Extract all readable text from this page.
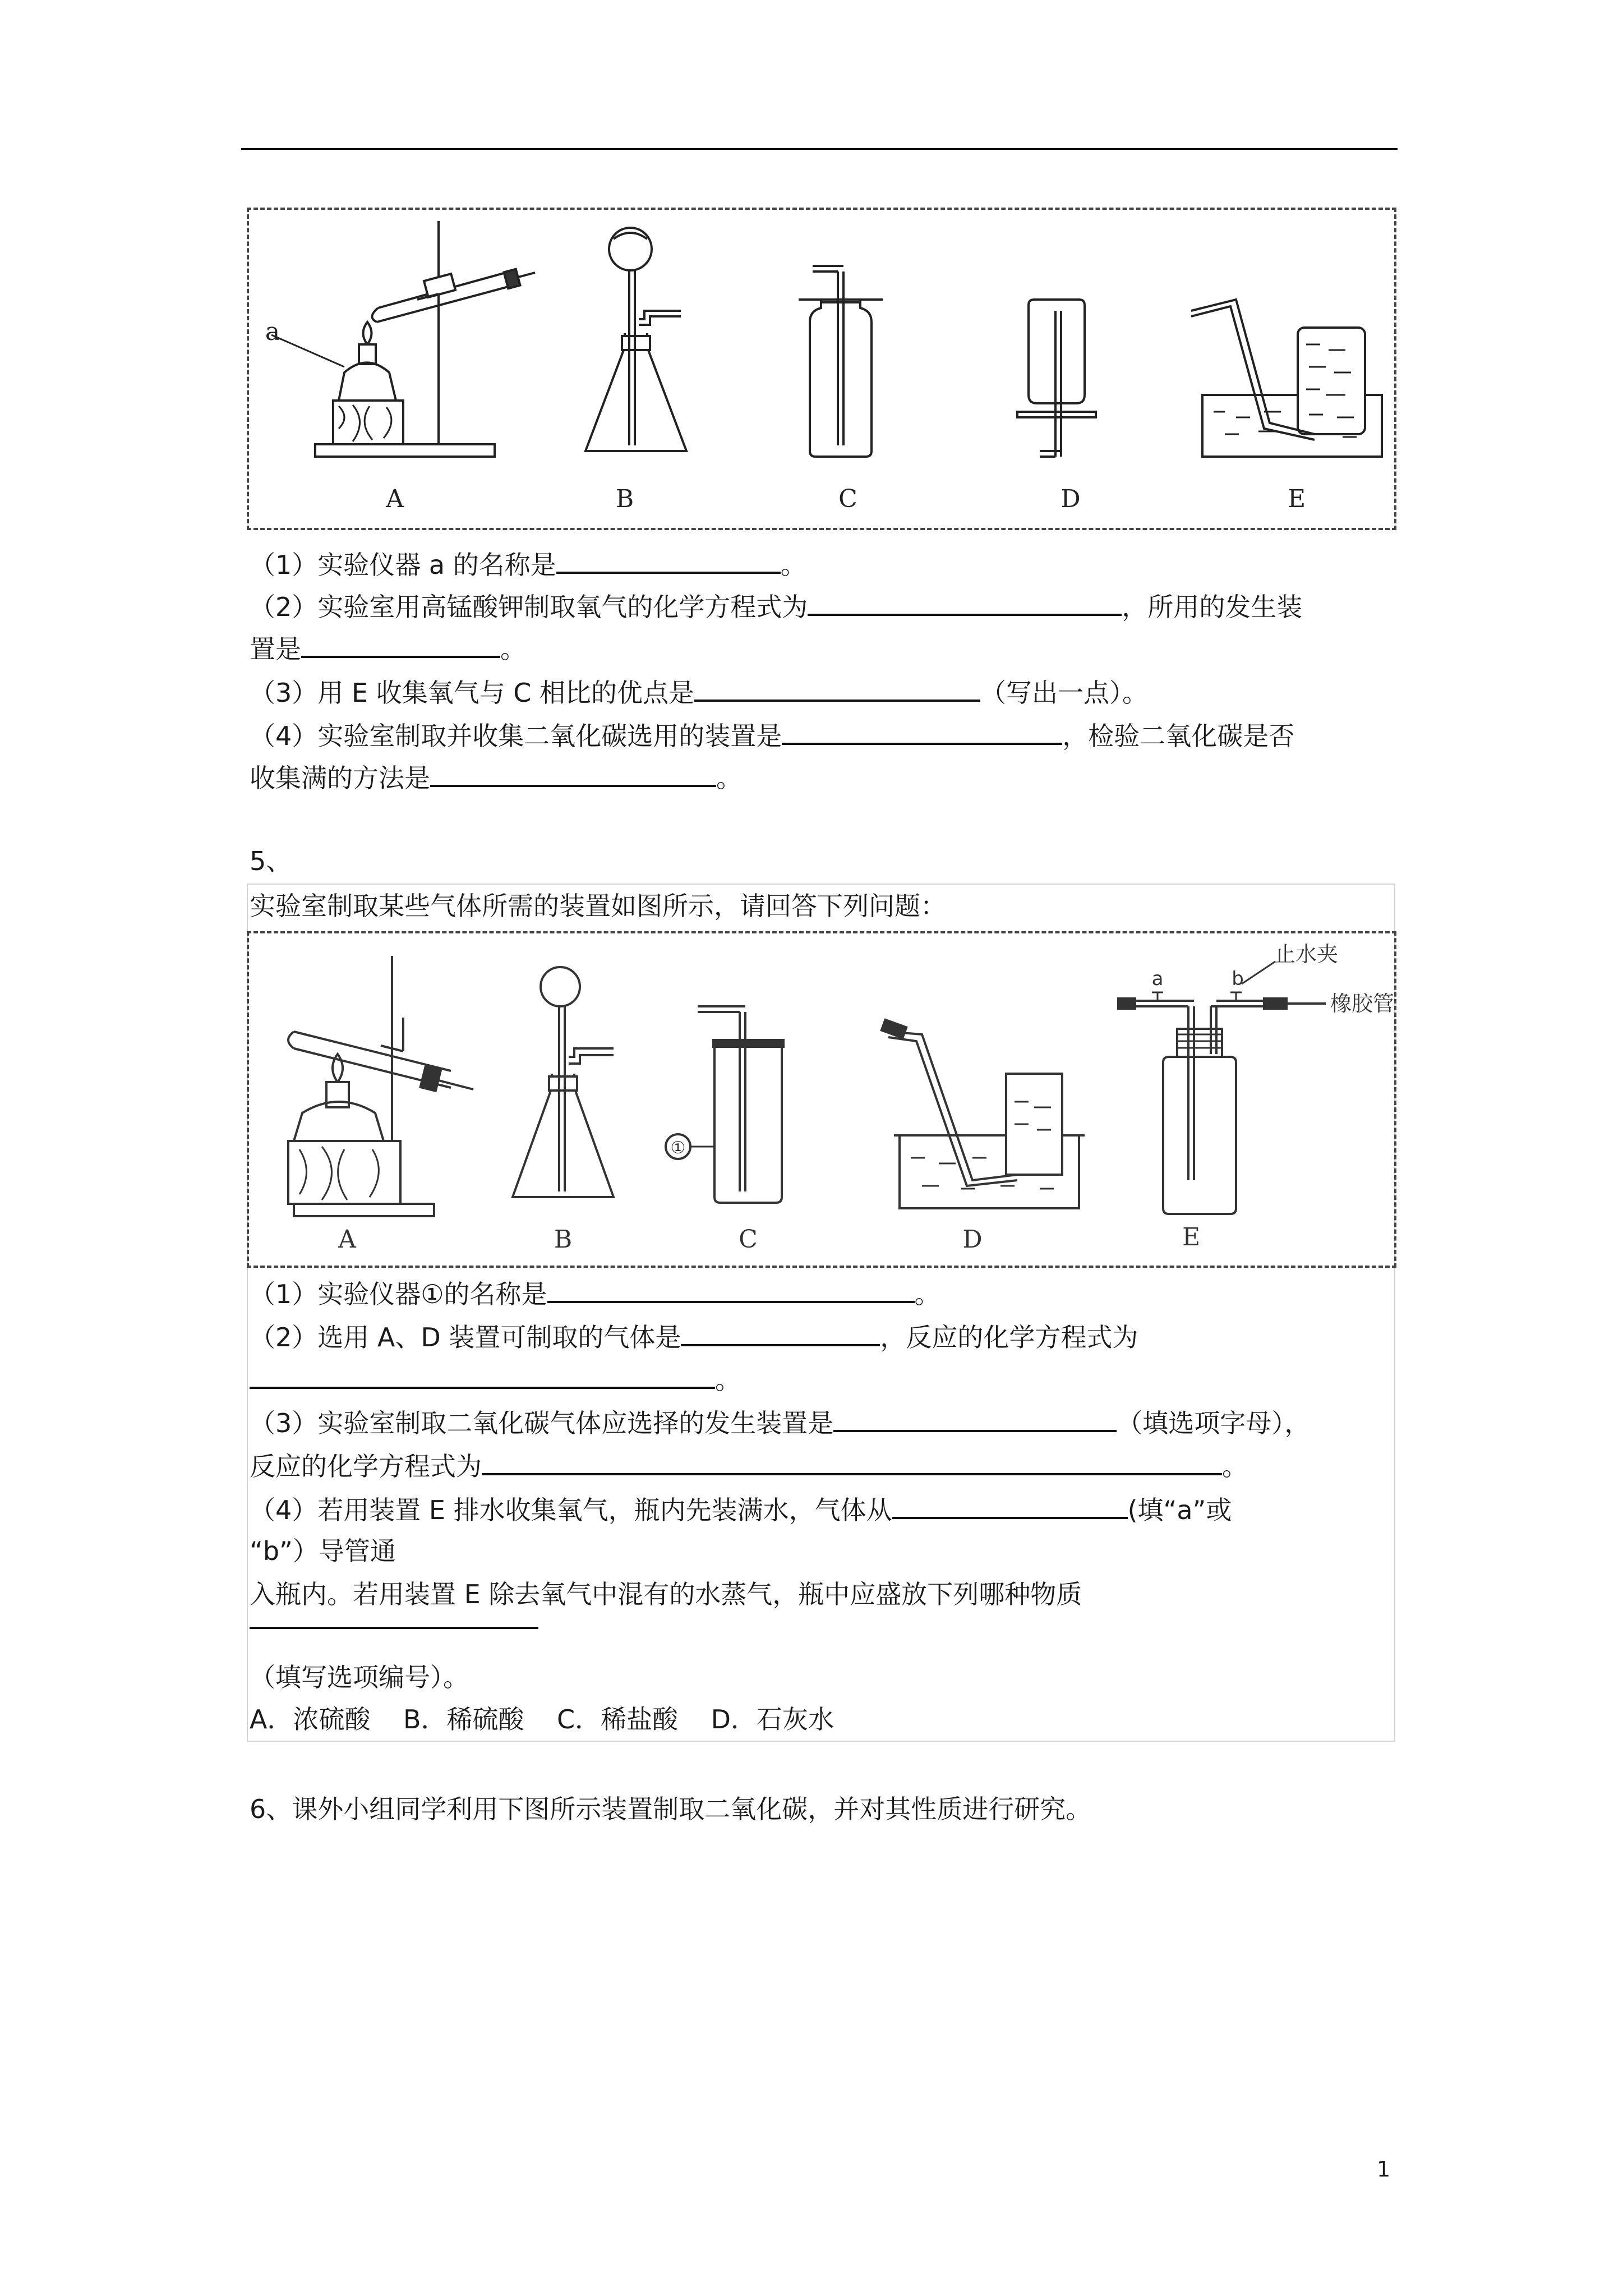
a
A	B	C	D	E
（1）实验仪器 a 的名称是	。
（2）实验室用高锰酸钾制取氧气的化学方程式为	，所用的发生装
置是	。
（3）用 E 收集氧气与 C 相比的优点是	（写出一点）。
（4）实验室制取并收集二氧化碳选用的装置是	，检验二氧化碳是否
收集满的方法是	。
5、
实验室制取某些气体所需的装置如图所示，请回答下列问题：
①
a	b
止水夹
橡胶管
A	B	C	D	E
（1）实验仪器①的名称是	。
（2）选用 A、D 装置可制取的气体是	，反应的化学方程式为
。
（3）实验室制取二氧化碳气体应选择的发生装置是	（填选项字母），
反应的化学方程式为	。
（4）若用装置 E 排水收集氧气，瓶内先装满水，气体从	(填“a”或
“b”）导管通
入瓶内。若用装置 E 除去氧气中混有的水蒸气，瓶中应盛放下列哪种物质
（填写选项编号）。
A．浓硫酸    B．稀硫酸    C．稀盐酸    D．石灰水
6、课外小组同学利用下图所示装置制取二氧化碳，并对其性质进行研究。
1
